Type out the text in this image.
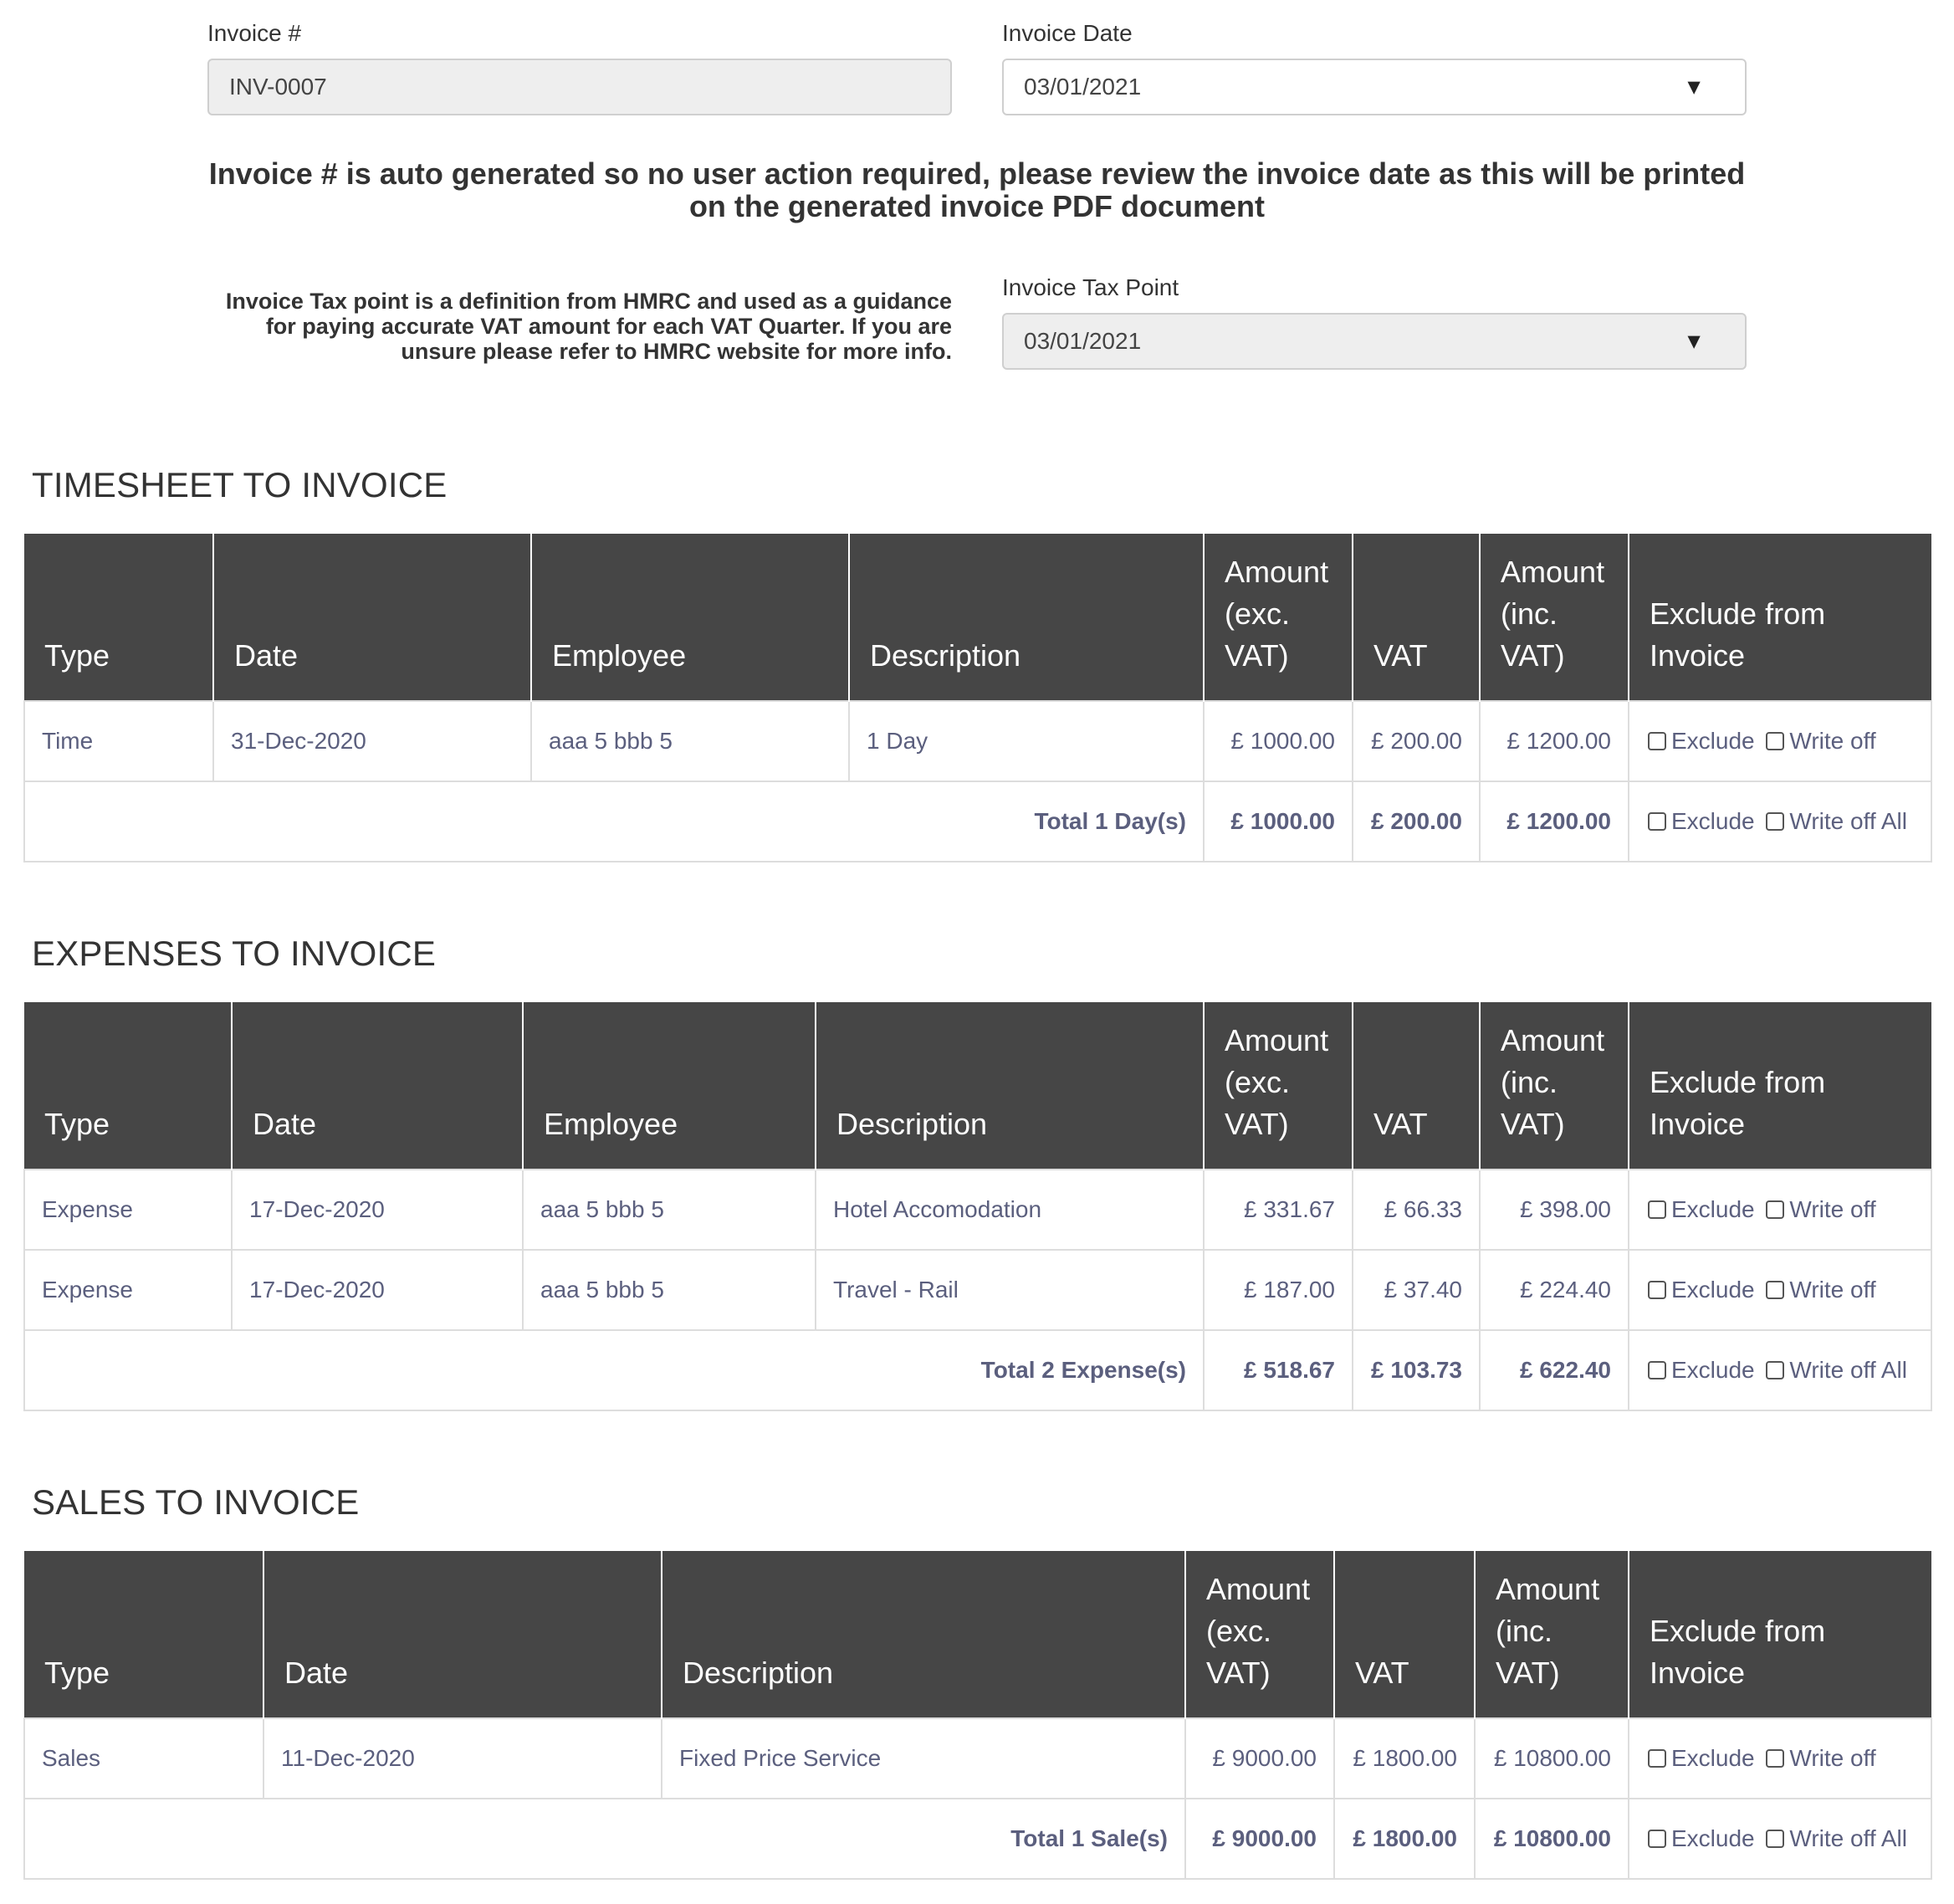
Invoice #
INV-0007
Invoice Date
03/01/2021	▼
Invoice # is auto generated so no user action required, please review the invoice date as this will be printed on the generated invoice PDF document
Invoice Tax point is a definition from HMRC and used as a guidance for paying accurate VAT amount for each VAT Quarter. If you are unsure please refer to HMRC website for more info.
Invoice Tax Point
03/01/2021	▼
TIMESHEET TO INVOICE
Type	Date	Employee	Description	Amount (exc. VAT)	VAT	Amount (inc. VAT)	Exclude from Invoice
Time	31-Dec-2020	aaa 5 bbb 5	1 Day	£ 1000.00	£ 200.00	£ 1200.00	Exclude Write off
Total 1 Day(s)				£ 1000.00	£ 200.00	£ 1200.00	Exclude Write off All
EXPENSES TO INVOICE
Type	Date	Employee	Description	Amount (exc. VAT)	VAT	Amount (inc. VAT)	Exclude from Invoice
Expense	17-Dec-2020	aaa 5 bbb 5	Hotel Accomodation	£ 331.67	£ 66.33	£ 398.00	Exclude Write off
Expense	17-Dec-2020	aaa 5 bbb 5	Travel - Rail	£ 187.00	£ 37.40	£ 224.40	Exclude Write off
Total 2 Expense(s)				£ 518.67	£ 103.73	£ 622.40	Exclude Write off All
SALES TO INVOICE
Type	Date	Description	Amount (exc. VAT)	VAT	Amount (inc. VAT)	Exclude from Invoice
Sales	11-Dec-2020	Fixed Price Service	£ 9000.00	£ 1800.00	£ 10800.00	Exclude Write off
Total 1 Sale(s)			£ 9000.00	£ 1800.00	£ 10800.00	Exclude Write off All
